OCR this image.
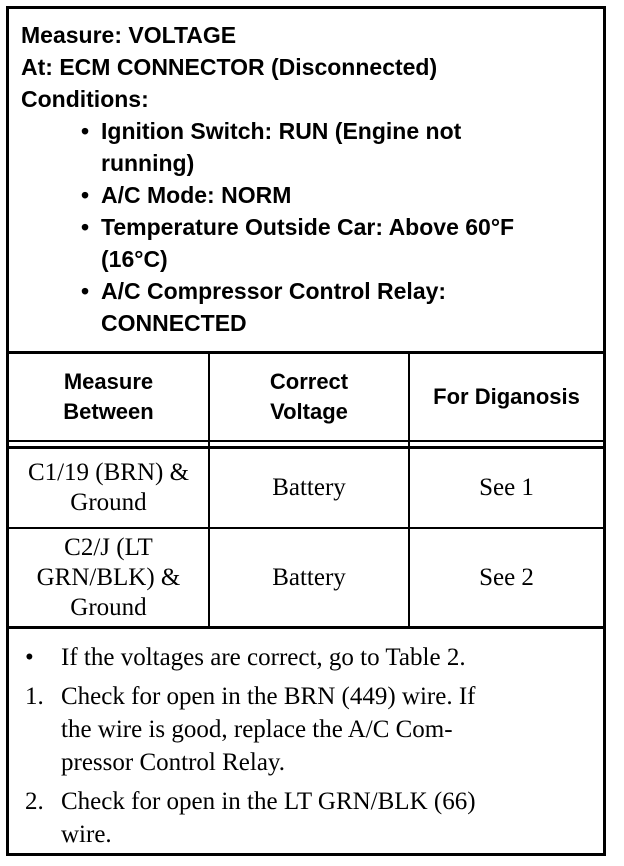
Measure: VOLTAGE
At: ECM CONNECTOR (Disconnected)
Conditions:
• Ignition Switch: RUN (Engine not
running)
• A/C Mode: NORM
• Temperature Outside Car: Above 60°F
(16°C)
• A/C Compressor Control Relay:
CONNECTED
Measure
Between
Correct
Voltage
For Diganosis
C1/19 (BRN) &
Ground
Battery	See 1
C2/J (LT
GRN/BLK) &
Ground
Battery	See 2
• If the voltages are correct, go to Table 2.
1. Check for open in the BRN (449) wire. If
the wire is good, replace the A/C Com-
pressor Control Relay.
2. Check for open in the LT GRN/BLK (66)
wire.
